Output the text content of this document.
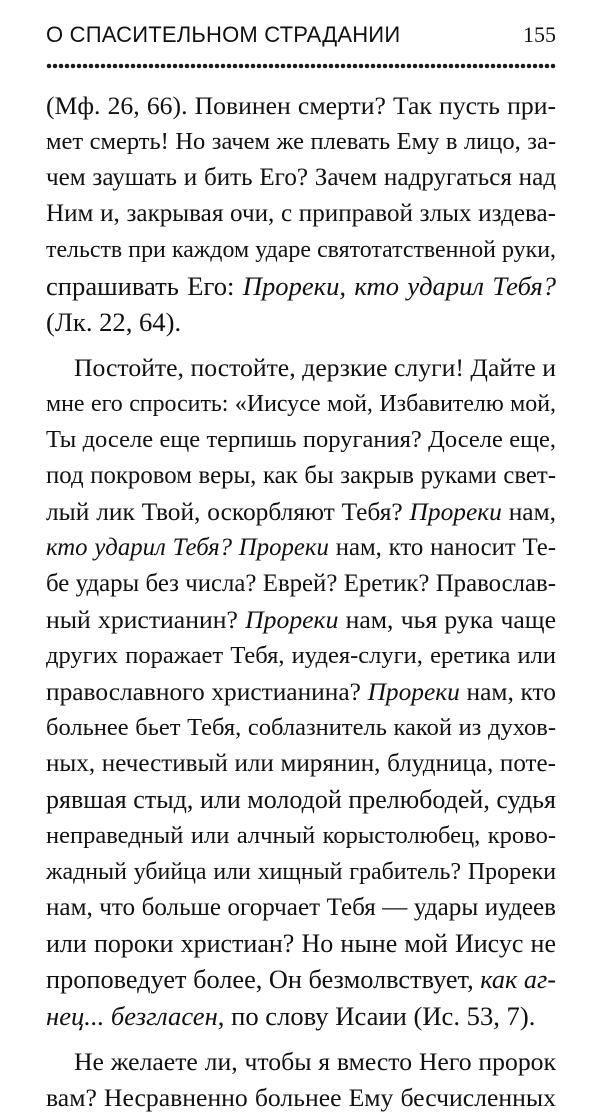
О СПАСИТЕЛЬНОМ СТРАДАНИИ	155

(Мф. 26, 66). Повинен смерти? Так пусть при-

мет смерть! Но зачем же плевать Ему в лицо, за-

чем заушать и бить Его? Зачем надругаться над

Ним и, закрывая очи, с приправой злых издева-

тельств при каждом ударе святотатственной руки,

спрашивать Его: Прореки, кто ударил Тебя?

(Лк. 22, 64).

Постойте, постойте, дерзкие слуги! Дайте и

мне его спросить: «Иисусе мой, Избавителю мой,

Ты доселе еще терпишь поругания? Доселе еще,

под покровом веры, как бы закрыв руками свет-

лый лик Твой, оскорбляют Тебя? Прореки нам,

кто ударил Тебя? Прореки нам, кто наносит Те-

бе удары без числа? Еврей? Еретик? Православ-

ный христианин? Прореки нам, чья рука чаще

других поражает Тебя, иудея-слуги, еретика или

православного христианина? Прореки нам, кто

больнее бьет Тебя, соблазнитель какой из духов-

ных, нечестивый или мирянин, блудница, поте-

рявшая стыд, или молодой прелюбодей, судья

неправедный или алчный корыстолюбец, крово-

жадный убийца или хищный грабитель? Прореки

нам, что больше огорчает Тебя — удары иудеев

или пороки христиан? Но ныне мой Иисус не

проповедует более, Он безмолвствует, как аг-

нец... безгласен, по слову Исаии (Ис. 53, 7).

Не желаете ли, чтобы я вместо Него пророк

вам? Несравненно больнее Ему бесчисленных
